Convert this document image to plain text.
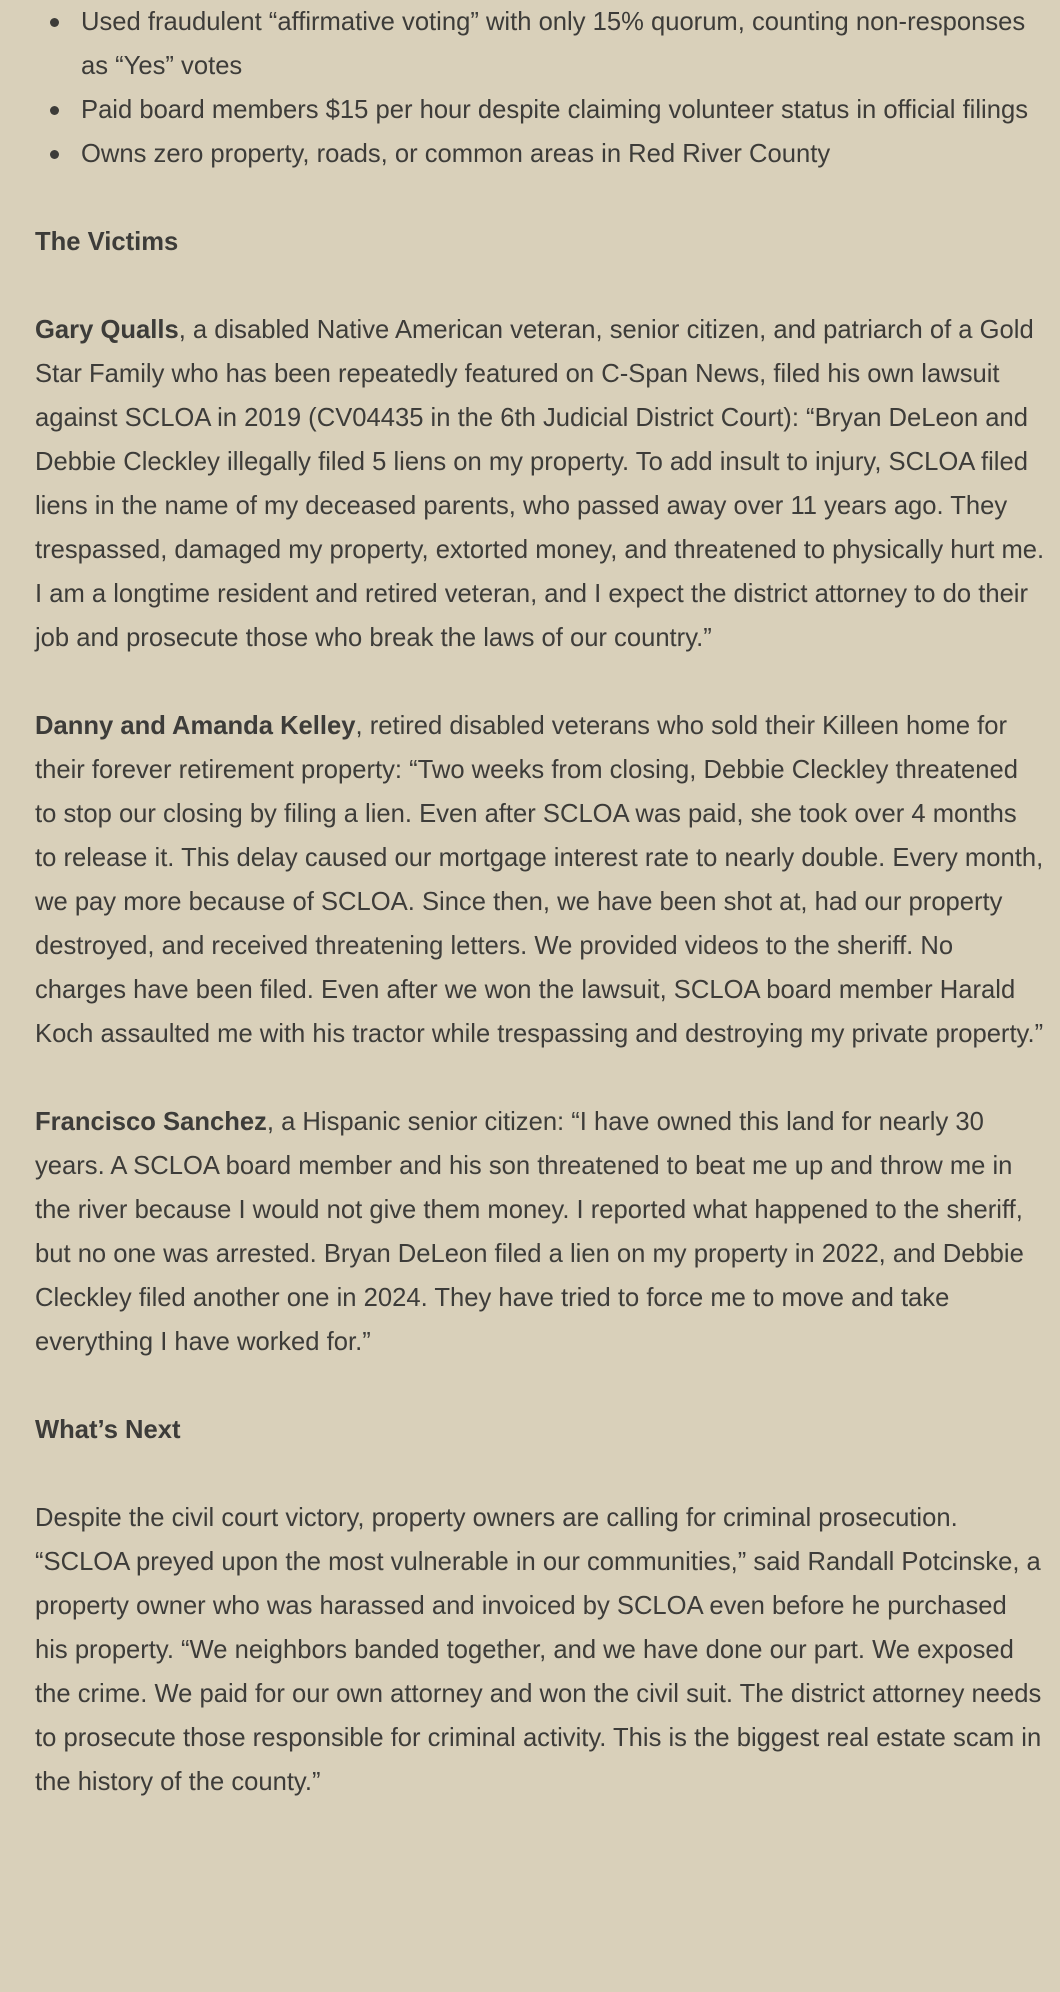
Used fraudulent “affirmative voting” with only 15% quorum, counting non-responses as “Yes” votes
Paid board members $15 per hour despite claiming volunteer status in official filings
Owns zero property, roads, or common areas in Red River County

The Victims

Gary Qualls, a disabled Native American veteran, senior citizen, and patriarch of a Gold Star Family who has been repeatedly featured on C-Span News, filed his own lawsuit against SCLOA in 2019 (CV04435 in the 6th Judicial District Court): “Bryan DeLeon and Debbie Cleckley illegally filed 5 liens on my property. To add insult to injury, SCLOA filed liens in the name of my deceased parents, who passed away over 11 years ago. They trespassed, damaged my property, extorted money, and threatened to physically hurt me. I am a longtime resident and retired veteran, and I expect the district attorney to do their job and prosecute those who break the laws of our country.”

Danny and Amanda Kelley, retired disabled veterans who sold their Killeen home for their forever retirement property: “Two weeks from closing, Debbie Cleckley threatened to stop our closing by filing a lien. Even after SCLOA was paid, she took over 4 months to release it. This delay caused our mortgage interest rate to nearly double. Every month, we pay more because of SCLOA. Since then, we have been shot at, had our property destroyed, and received threatening letters. We provided videos to the sheriff. No charges have been filed. Even after we won the lawsuit, SCLOA board member Harald Koch assaulted me with his tractor while trespassing and destroying my private property.”

Francisco Sanchez, a Hispanic senior citizen: “I have owned this land for nearly 30 years. A SCLOA board member and his son threatened to beat me up and throw me in the river because I would not give them money. I reported what happened to the sheriff, but no one was arrested. Bryan DeLeon filed a lien on my property in 2022, and Debbie Cleckley filed another one in 2024. They have tried to force me to move and take everything I have worked for.”

What’s Next

Despite the civil court victory, property owners are calling for criminal prosecution. “SCLOA preyed upon the most vulnerable in our communities,” said Randall Potcinske, a property owner who was harassed and invoiced by SCLOA even before he purchased his property. “We neighbors banded together, and we have done our part. We exposed the crime. We paid for our own attorney and won the civil suit. The district attorney needs to prosecute those responsible for criminal activity. This is the biggest real estate scam in the history of the county.”
